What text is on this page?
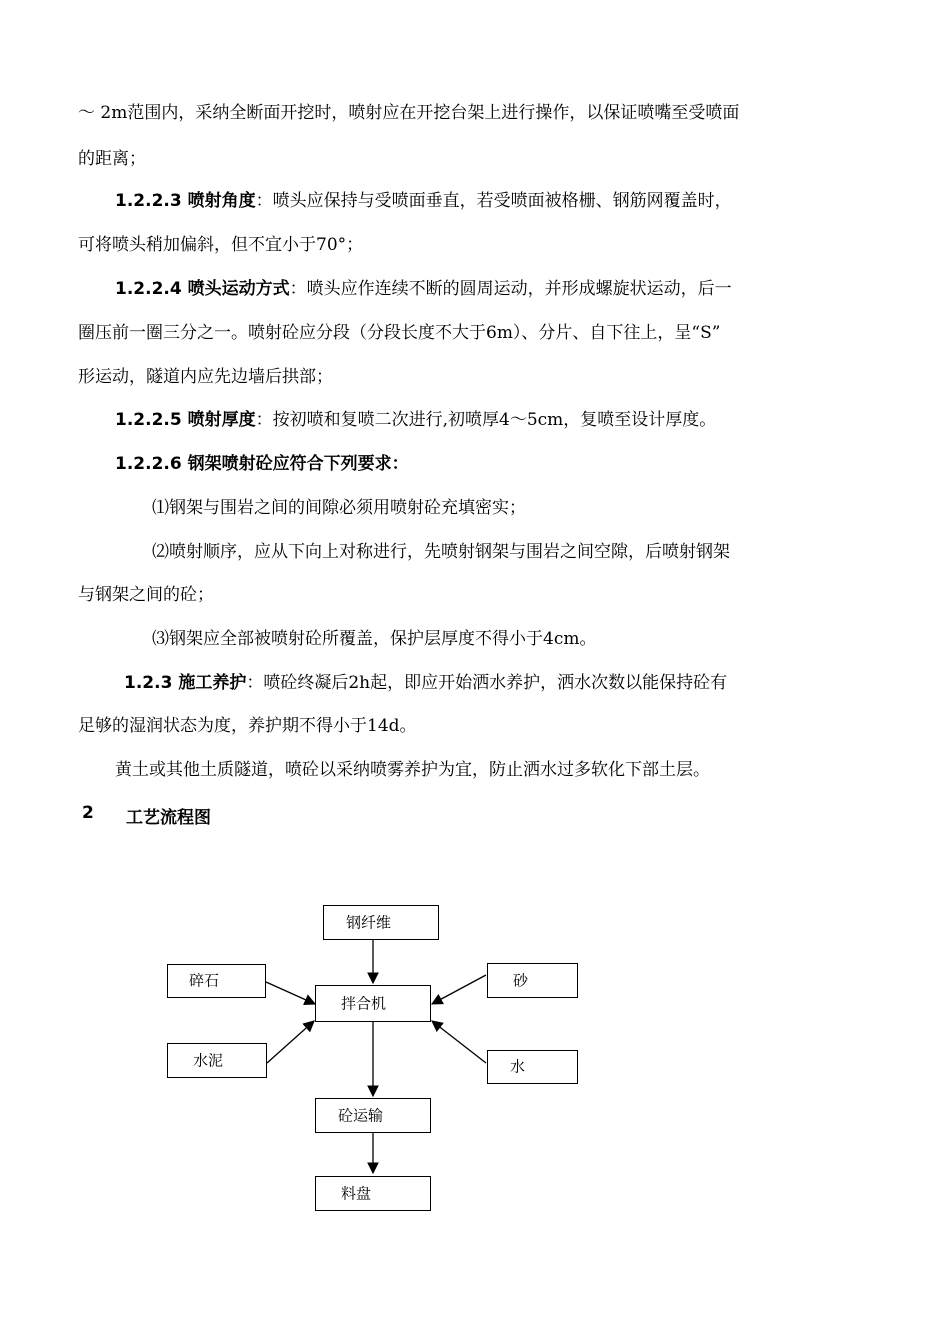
～ 2m范围内，采纳全断面开挖时，喷射应在开挖台架上进行操作，以保证喷嘴至受喷面
的距离；
1.2.2.3 喷射角度：喷头应保持与受喷面垂直，若受喷面被格栅、钢筋网覆盖时，
可将喷头稍加偏斜，但不宜小于70°；
1.2.2.4 喷头运动方式：喷头应作连续不断的圆周运动，并形成螺旋状运动，后一
圈压前一圈三分之一。喷射砼应分段（分段长度不大于6m）、分片、自下往上，呈“S”
形运动，隧道内应先边墙后拱部；
1.2.2.5 喷射厚度：按初喷和复喷二次进行,初喷厚4～5cm，复喷至设计厚度。
1.2.2.6 钢架喷射砼应符合下列要求：
⑴钢架与围岩之间的间隙必须用喷射砼充填密实；
⑵喷射顺序，应从下向上对称进行，先喷射钢架与围岩之间空隙，后喷射钢架
与钢架之间的砼；
⑶钢架应全部被喷射砼所覆盖，保护层厚度不得小于4cm。
1.2.3 施工养护：喷砼终凝后2h起，即应开始洒水养护，洒水次数以能保持砼有
足够的湿润状态为度，养护期不得小于14d。
黄土或其他土质隧道，喷砼以采纳喷雾养护为宜，防止洒水过多软化下部土层。
2 工艺流程图
钢纤维
碎石	砂
拌合机
水泥	水
砼运输
料盘
